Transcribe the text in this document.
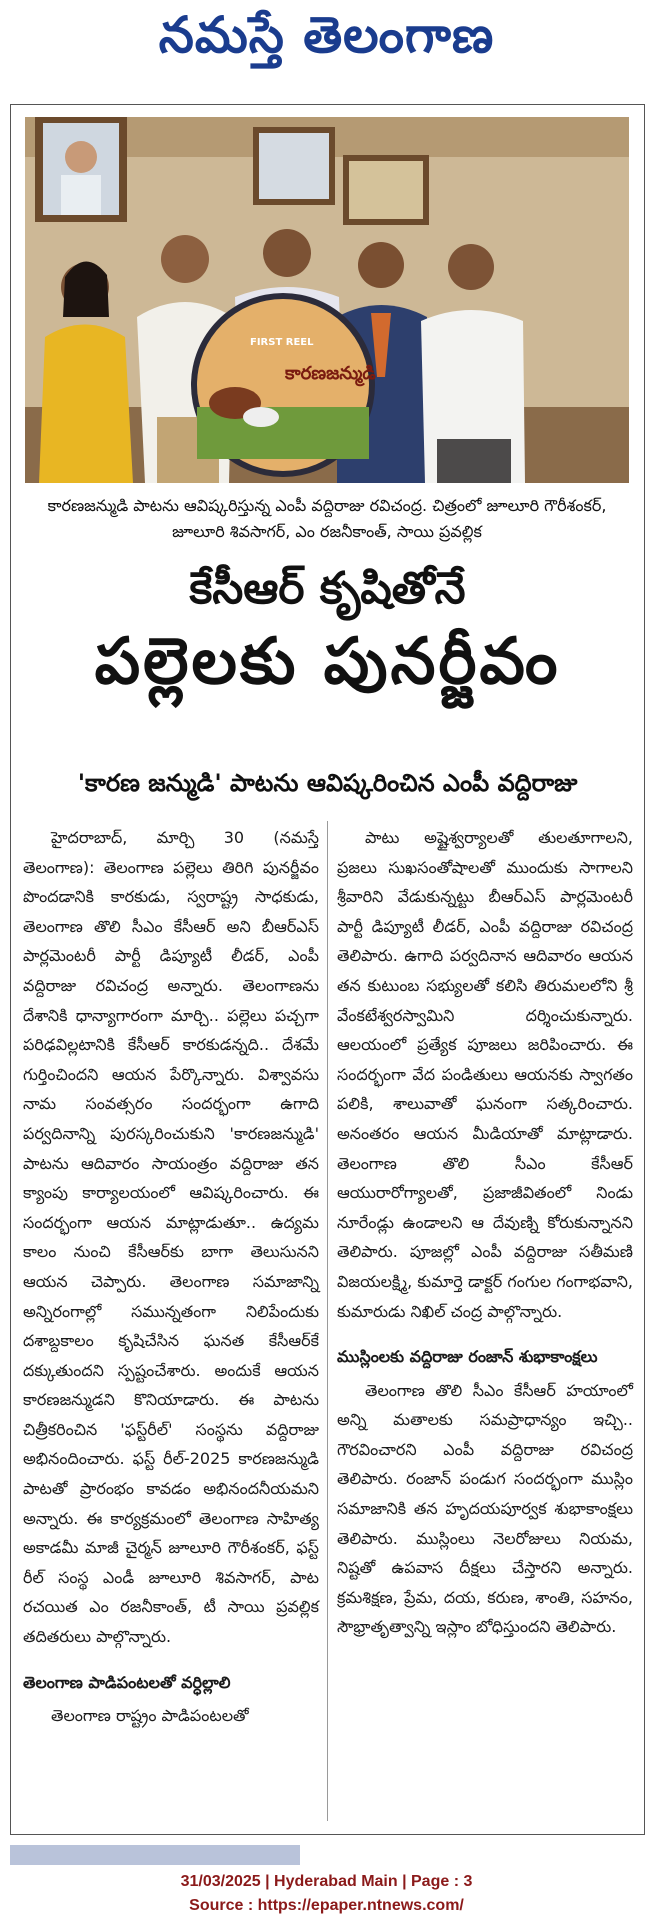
నమస్తే తెలంగాణ
FIRST REEL
కారణజన్ముడి
కారణజన్ముడి పాటను ఆవిష్కరిస్తున్న ఎంపీ వద్దిరాజు రవిచంద్ర. చిత్రంలో జూలూరి గౌరీశంకర్, జూలూరి శివసాగర్, ఎం రజనీకాంత్, సాయి ప్రవల్లిక
కేసీఆర్ కృషితోనే
పల్లెలకు పునర్జీవం
'కారణ జన్ముడి' పాటను ఆవిష్కరించిన ఎంపీ వద్దిరాజు

హైదరాబాద్, మార్చి 30 (నమస్తే తెలంగాణ): తెలంగాణ పల్లెలు తిరిగి పునర్జీవం పొందడానికి కారకుడు, స్వరాష్ట్ర సాధకుడు, తెలంగాణ తొలి సీఎం కేసీఆర్ అని బీఆర్ఎస్ పార్లమెంటరీ పార్టీ డిప్యూటీ లీడర్, ఎంపీ వద్దిరాజు రవిచంద్ర అన్నారు. తెలంగాణను దేశానికి ధాన్యాగారంగా మార్చి.. పల్లెలు పచ్చగా పరిఢవిల్లటానికి కేసీఆర్ కారకుడన్నది.. దేశమే గుర్తించిందని ఆయన పేర్కొన్నారు. విశ్వావసు నామ సంవత్సరం సందర్భంగా ఉగాది పర్వదినాన్ని పురస్కరించుకుని 'కారణజన్ముడి' పాటను ఆదివారం సాయంత్రం వద్దిరాజు తన క్యాంపు కార్యాలయంలో ఆవిష్కరించారు. ఈ సందర్భంగా ఆయన మాట్లాడుతూ.. ఉద్యమ కాలం నుంచి కేసీఆర్‌కు బాగా తెలుసునని ఆయన చెప్పారు. తెలంగాణ సమాజాన్ని అన్నిరంగాల్లో సమున్నతంగా నిలిపేందుకు దశాబ్దకాలం కృషిచేసిన ఘనత కేసీఆర్‌కే దక్కుతుందని స్పష్టంచేశారు. అందుకే ఆయన కారణజన్ముడని కొనియాడారు. ఈ పాటను చిత్రీకరించిన 'ఫస్ట్‌రీల్' సంస్థను వద్దిరాజు అభినందించారు. ఫస్ట్ రీల్-2025 కారణజన్ముడి పాటతో ప్రారంభం కావడం అభినందనీయమని అన్నారు. ఈ కార్యక్రమంలో తెలంగాణ సాహిత్య అకాడమీ మాజీ చైర్మన్ జూలూరి గౌరీశంకర్, ఫస్ట్ రీల్ సంస్థ ఎండీ జూలూరి శివసాగర్, పాట రచయిత ఎం రజనీకాంత్, టీ సాయి ప్రవల్లిక తదితరులు పాల్గొన్నారు.

తెలంగాణ పాడిపంటలతో వర్ధిల్లాలి

తెలంగాణ రాష్ట్రం పాడిపంటలతో

పాటు అష్టైశ్వర్యాలతో తులతూగాలని, ప్రజలు సుఖసంతోషాలతో ముందుకు సాగాలని శ్రీవారిని వేడుకున్నట్టు బీఆర్ఎస్ పార్లమెంటరీ పార్టీ డిప్యూటీ లీడర్, ఎంపీ వద్దిరాజు రవిచంద్ర తెలిపారు. ఉగాది పర్వదినాన ఆదివారం ఆయన తన కుటుంబ సభ్యులతో కలిసి తిరుమలలోని శ్రీ వేంకటేశ్వరస్వామిని దర్శించుకున్నారు. ఆలయంలో ప్రత్యేక పూజలు జరిపించారు. ఈ సందర్భంగా వేద పండితులు ఆయనకు స్వాగతం పలికి, శాలువాతో ఘనంగా సత్కరించారు. అనంతరం ఆయన మీడియాతో మాట్లాడారు. తెలంగాణ తొలి సీఎం కేసీఆర్ ఆయురారోగ్యాలతో, ప్రజాజీవితంలో నిండు నూరేండ్లు ఉండాలని ఆ దేవుణ్ని కోరుకున్నానని తెలిపారు. పూజల్లో ఎంపీ వద్దిరాజు సతీమణి విజయలక్ష్మి, కుమార్తె డాక్టర్ గంగుల గంగాభవాని, కుమారుడు నిఖిల్ చంద్ర పాల్గొన్నారు.

ముస్లింలకు వద్దిరాజు రంజాన్ శుభాకాంక్షలు

తెలంగాణ తొలి సీఎం కేసీఆర్ హయాంలో అన్ని మతాలకు సమప్రాధాన్యం ఇచ్చి.. గౌరవించారని ఎంపీ వద్దిరాజు రవిచంద్ర తెలిపారు. రంజాన్ పండుగ సందర్భంగా ముస్లిం సమాజానికి తన హృదయపూర్వక శుభాకాంక్షలు తెలిపారు. ముస్లింలు నెలరోజులు నియమ, నిష్టతో ఉపవాస దీక్షలు చేస్తారని అన్నారు. క్రమశిక్షణ, ప్రేమ, దయ, కరుణ, శాంతి, సహనం, సౌభ్రాతృత్వాన్ని ఇస్లాం బోధిస్తుందని తెలిపారు.

31/03/2025 | Hyderabad Main | Page : 3
Source : https://epaper.ntnews.com/
